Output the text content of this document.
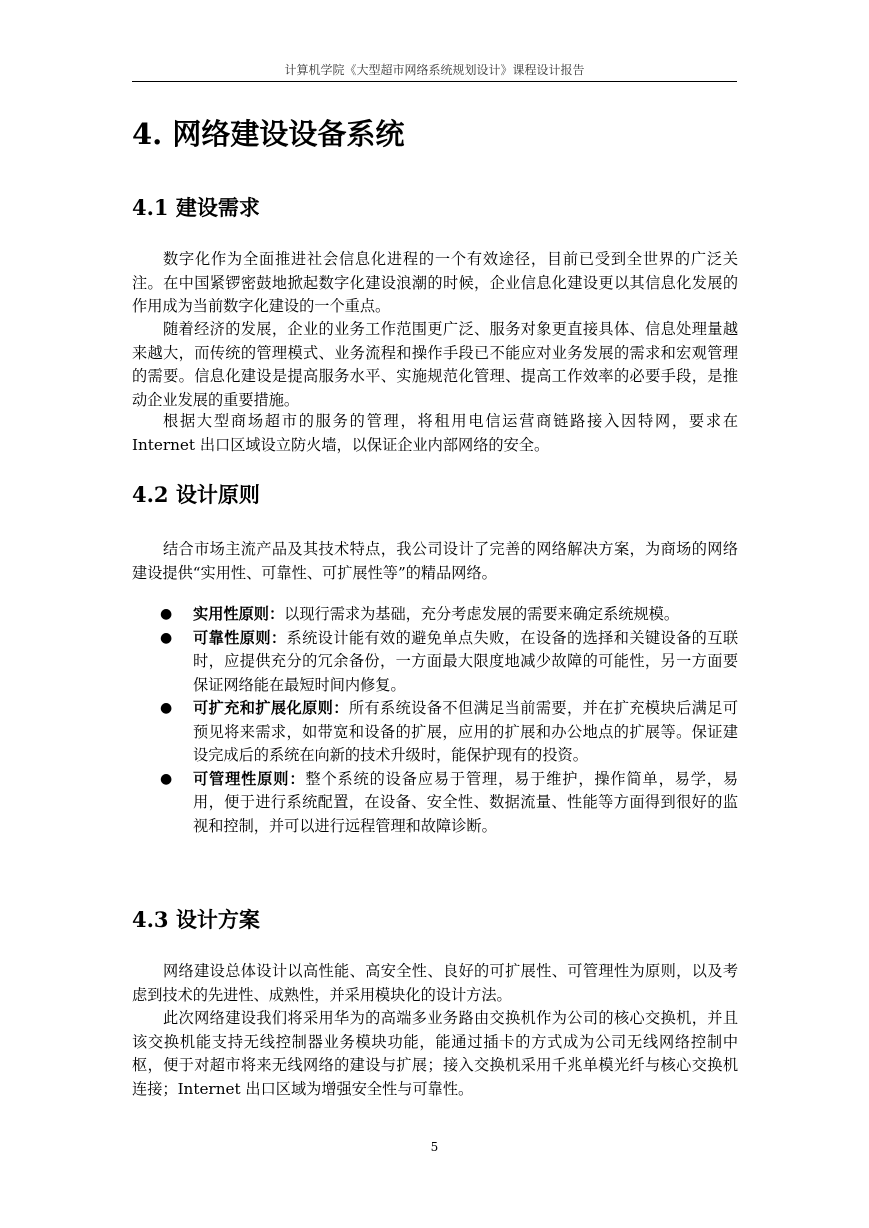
计算机学院《大型超市网络系统规划设计》课程设计报告
4. 网络建设设备系统
4.1 建设需求

数字化作为全面推进社会信息化进程的一个有效途径，目前已受到全世界的广泛关注。在中国紧锣密鼓地掀起数字化建设浪潮的时候，企业信息化建设更以其信息化发展的作用成为当前数字化建设的一个重点。

随着经济的发展，企业的业务工作范围更广泛、服务对象更直接具体、信息处理量越来越大，而传统的管理模式、业务流程和操作手段已不能应对业务发展的需求和宏观管理的需要。信息化建设是提高服务水平、实施规范化管理、提高工作效率的必要手段，是推动企业发展的重要措施。

根据大型商场超市的服务的管理，将租用电信运营商链路接入因特网，要求在 Internet 出口区域设立防火墙，以保证企业内部网络的安全。

4.2 设计原则

结合市场主流产品及其技术特点，我公司设计了完善的网络解决方案，为商场的网络建设提供“实用性、可靠性、可扩展性等”的精品网络。

● 实用性原则：以现行需求为基础，充分考虑发展的需要来确定系统规模。
● 可靠性原则：系统设计能有效的避免单点失败，在设备的选择和关键设备的互联时，应提供充分的冗余备份，一方面最大限度地减少故障的可能性，另一方面要保证网络能在最短时间内修复。
● 可扩充和扩展化原则：所有系统设备不但满足当前需要，并在扩充模块后满足可预见将来需求，如带宽和设备的扩展，应用的扩展和办公地点的扩展等。保证建设完成后的系统在向新的技术升级时，能保护现有的投资。
● 可管理性原则：整个系统的设备应易于管理，易于维护，操作简单，易学，易用，便于进行系统配置，在设备、安全性、数据流量、性能等方面得到很好的监视和控制，并可以进行远程管理和故障诊断。
4.3 设计方案

网络建设总体设计以高性能、高安全性、良好的可扩展性、可管理性为原则，以及考虑到技术的先进性、成熟性，并采用模块化的设计方法。

此次网络建设我们将采用华为的高端多业务路由交换机作为公司的核心交换机，并且该交换机能支持无线控制器业务模块功能，能通过插卡的方式成为公司无线网络控制中枢，便于对超市将来无线网络的建设与扩展；接入交换机采用千兆单模光纤与核心交换机连接；Internet 出口区域为增强安全性与可靠性。

5
